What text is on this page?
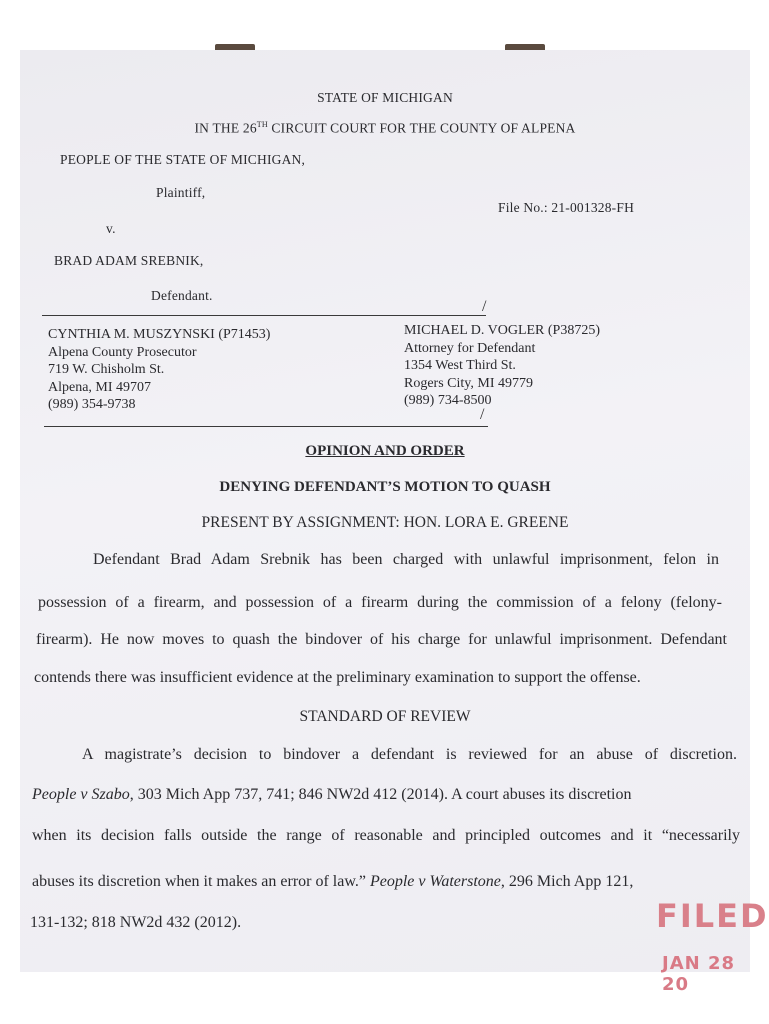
STATE OF MICHIGAN
IN THE 26TH CIRCUIT COURT FOR THE COUNTY OF ALPENA
PEOPLE OF THE STATE OF MICHIGAN,
Plaintiff,
File No.: 21-001328-FH
v.
BRAD ADAM SREBNIK,
Defendant.
/
CYNTHIA M. MUSZYNSKI (P71453)
Alpena County Prosecutor
719 W. Chisholm St.
Alpena, MI 49707
(989) 354-9738
MICHAEL D. VOGLER (P38725)
Attorney for Defendant
1354 West Third St.
Rogers City, MI 49779
(989) 734-8500
/
OPINION AND ORDER
DENYING DEFENDANT’S MOTION TO QUASH
PRESENT BY ASSIGNMENT: HON. LORA E. GREENE
Defendant Brad Adam Srebnik has been charged with unlawful imprisonment, felon in
possession of a firearm, and possession of a firearm during the commission of a felony (felony-
firearm). He now moves to quash the bindover of his charge for unlawful imprisonment. Defendant
contends there was insufficient evidence at the preliminary examination to support the offense.
STANDARD OF REVIEW
A magistrate’s decision to bindover a defendant is reviewed for an abuse of discretion.
People v Szabo, 303 Mich App 737, 741; 846 NW2d 412 (2014). A court abuses its discretion
when its decision falls outside the range of reasonable and principled outcomes and it “necessarily
abuses its discretion when it makes an error of law.” People v Waterstone, 296 Mich App 121,
131-132; 818 NW2d 432 (2012).	FILED
JAN 28 20
